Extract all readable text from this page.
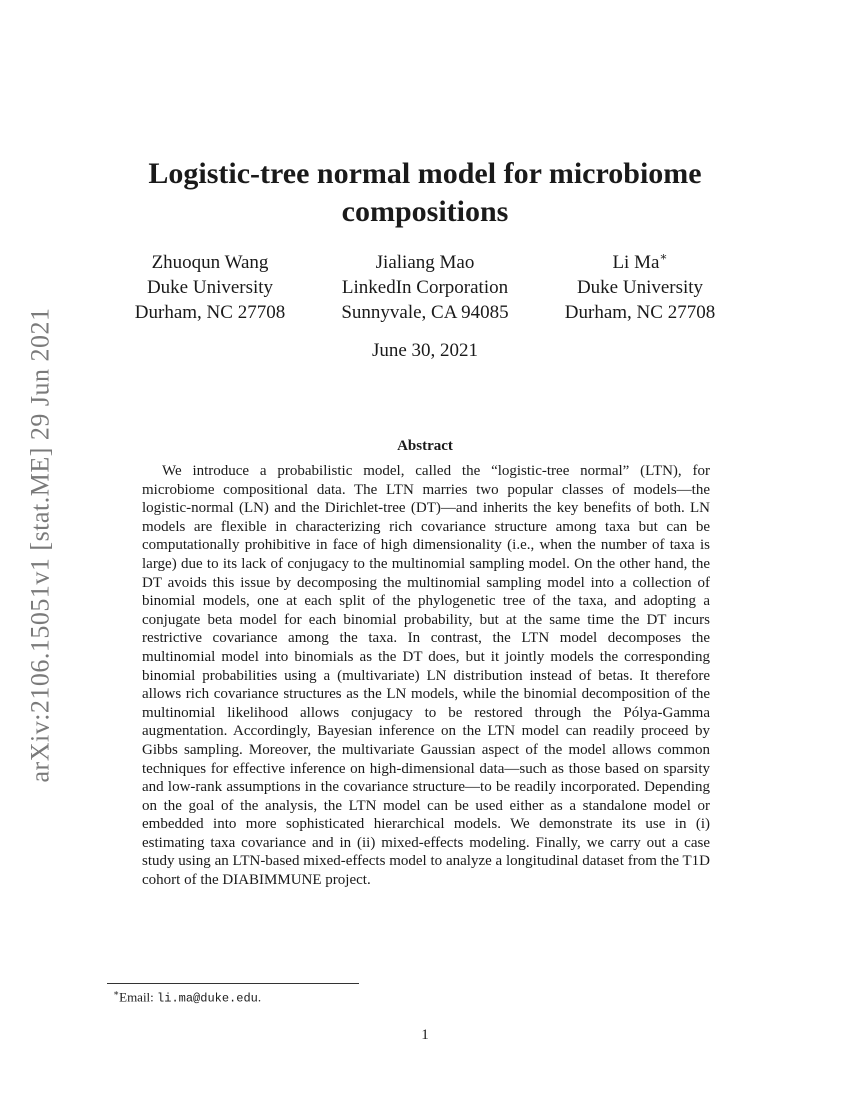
arXiv:2106.15051v1 [stat.ME] 29 Jun 2021
Logistic-tree normal model for microbiome compositions
Zhuoqun Wang
Duke University
Durham, NC 27708
Jialiang Mao
LinkedIn Corporation
Sunnyvale, CA 94085
Li Ma∗
Duke University
Durham, NC 27708
June 30, 2021
Abstract

We introduce a probabilistic model, called the “logistic-tree normal” (LTN), for microbiome compositional data. The LTN marries two popular classes of models—the logistic-normal (LN) and the Dirichlet-tree (DT)—and inherits the key benefits of both. LN models are flexible in characterizing rich covariance structure among taxa but can be computationally prohibitive in face of high dimensionality (i.e., when the number of taxa is large) due to its lack of conjugacy to the multinomial sampling model. On the other hand, the DT avoids this issue by decomposing the multinomial sampling model into a collection of binomial models, one at each split of the phylogenetic tree of the taxa, and adopting a conjugate beta model for each binomial probability, but at the same time the DT incurs restrictive covariance among the taxa. In contrast, the LTN model decomposes the multinomial model into binomials as the DT does, but it jointly models the corresponding binomial probabilities using a (multivariate) LN distribution instead of betas. It therefore allows rich covariance structures as the LN models, while the binomial decomposition of the multinomial likelihood allows conjugacy to be restored through the Pólya-Gamma augmentation. Accordingly, Bayesian inference on the LTN model can readily proceed by Gibbs sampling. Moreover, the multivariate Gaussian aspect of the model allows common techniques for effective inference on high-dimensional data—such as those based on sparsity and low-rank assumptions in the covariance structure—to be readily incorporated. Depending on the goal of the analysis, the LTN model can be used either as a standalone model or embedded into more sophisticated hierarchical models. We demonstrate its use in (i) estimating taxa covariance and in (ii) mixed-effects modeling. Finally, we carry out a case study using an LTN-based mixed-effects model to analyze a longitudinal dataset from the T1D cohort of the DIABIMMUNE project.

∗Email: li.ma@duke.edu.
1
